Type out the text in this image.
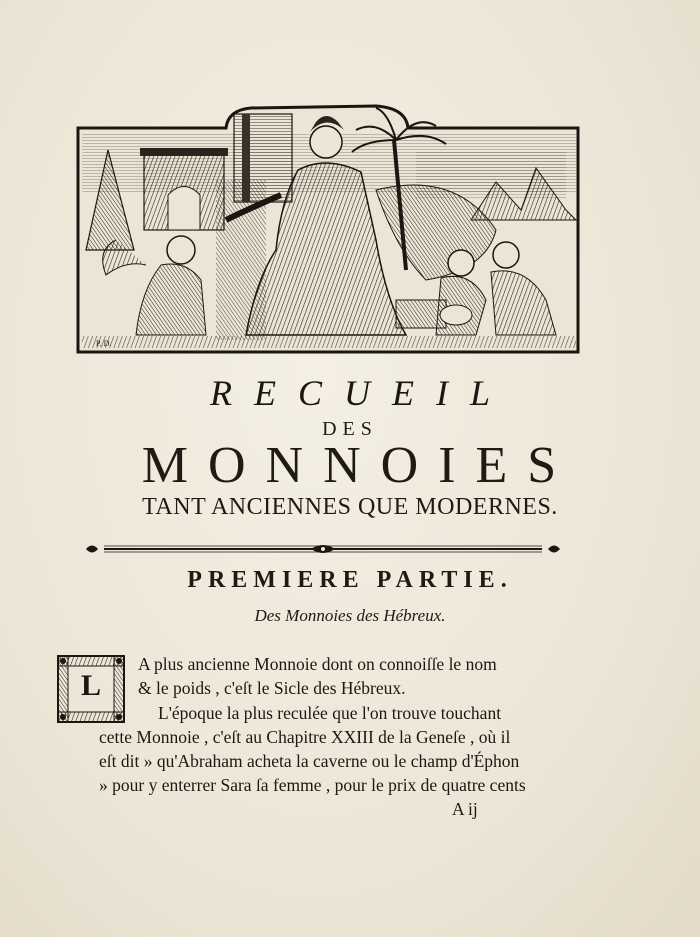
P. D.
RECUEIL
DES
MONNOIES
TANT ANCIENNES QUE MODERNES.
PREMIERE PARTIE.
Des Monnoies des Hébreux.
L
A plus ancienne Monnoie dont on connoiſſe le nom
& le poids , c'eſt le Sicle des Hébreux.
L'époque la plus reculée que l'on trouve touchant
cette Monnoie , c'eſt au Chapitre XXIII de la Geneſe , où il
eſt dit » qu'Abraham acheta la caverne ou le champ d'Éphon
» pour y enterrer Sara ſa femme , pour le prix de quatre cents
A ij
